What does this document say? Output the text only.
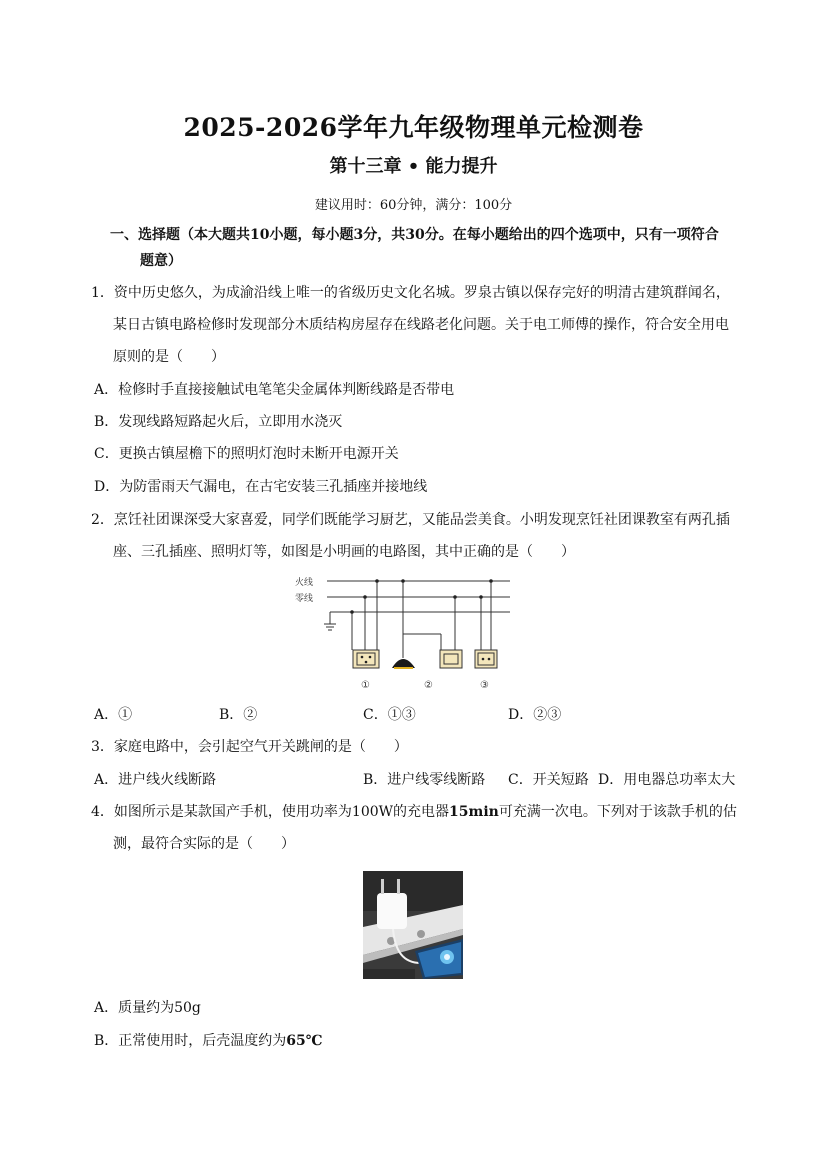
2025-2026学年九年级物理单元检测卷
第十三章 • 能力提升
建议用时：60分钟，满分：100分
一、选择题（本大题共10小题，每小题3分，共30分。在每小题给出的四个选项中，只有一项符合
题意）
1．资中历史悠久，为成渝沿线上唯一的省级历史文化名城。罗泉古镇以保存完好的明清古建筑群闻名，
某日古镇电路检修时发现部分木质结构房屋存在线路老化问题。关于电工师傅的操作，符合安全用电
原则的是（　　）
A．检修时手直接接触试电笔笔尖金属体判断线路是否带电
B．发现线路短路起火后，立即用水浇灭
C．更换古镇屋檐下的照明灯泡时未断开电源开关
D．为防雷雨天气漏电，在古宅安装三孔插座并接地线
2．烹饪社团课深受大家喜爱，同学们既能学习厨艺，又能品尝美食。小明发现烹饪社团课教室有两孔插
座、三孔插座、照明灯等，如图是小明画的电路图，其中正确的是（　　）
火线
零线
①	②	③
A．①	B．②	C．①③	D．②③
3．家庭电路中，会引起空气开关跳闸的是（　　）
A．进户线火线断路	B．进户线零线断路 C．开关短路 D．用电器总功率太大
4．如图所示是某款国产手机，使用功率为100W的充电器15min可充满一次电。下列对于该款手机的估
测，最符合实际的是（　　）
A．质量约为50g
B．正常使用时，后壳温度约为65℃
